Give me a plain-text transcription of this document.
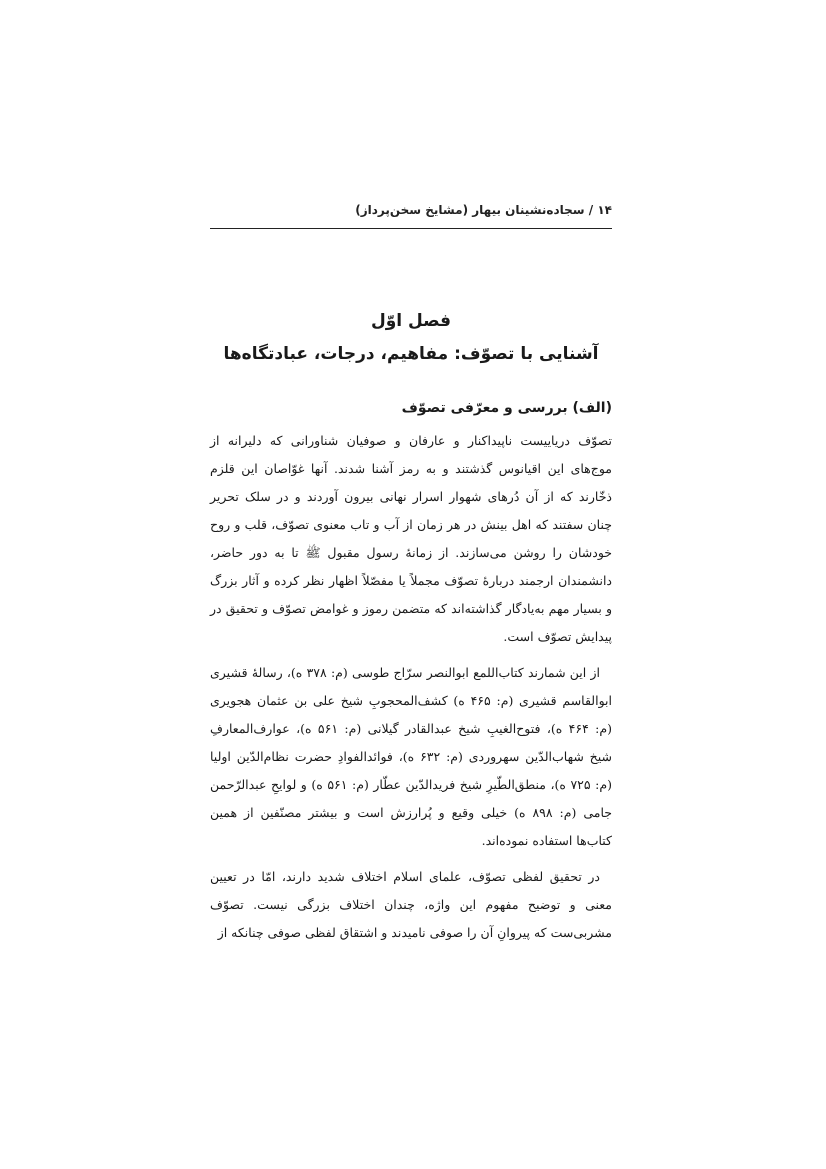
۱۴ / سجاده‌نشینان بیهار (مشایخ سخن‌پرداز)
فصل اوّل
آشنایی با تصوّف: مفاهیم، درجات، عبادتگاه‌ها
(الف) بررسی و معرّفی تصوّف

تصوّف دریاییست ناپیداکنار و عارفان و صوفیان شناورانی که دلیرانه از موج‌های این اقیانوس گذشتند و به رمز آشنا شدند. آنها غوّاصان این قلزم ذخّارند که از آن دُرهای شهوار اسرار نهانی بیرون آوردند و در سلک تحریر چنان سفتند که اهل بینش در هر زمان از آب و تاب معنوی تصوّف، قلب و روح خودشان را روشن می‌سازند. از زمانهٔ رسول مقبول ﷺ تا به دور حاضر، دانشمندان ارجمند دربارهٔ تصوّف مجملاً یا مفصّلاً اظهار نظر کرده و آثار بزرگ و بسیار مهم به‌یادگار گذاشته‌اند که متضمن رموز و غوامض تصوّف و تحقیق در پیدایش تصوّف است.

از این شمارند کتاب‌اللمع ابوالنصر سرّاج طوسی (م: ۳۷۸ ه)، رسالهٔ قشیری ابوالقاسم قشیری (م: ۴۶۵ ه) کشف‌المحجوبِ شیخ علی بن عثمان هجویری (م: ۴۶۴ ه)، فتوح‌الغیبِ شیخ عبدالقادر گیلانی (م: ۵۶۱ ه)، عوارف‌المعارفِ شیخ شهاب‌الدّین سهروردی (م: ۶۳۲ ه)، فوائدالفوادِ حضرت نظام‌الدّین اولیا (م: ۷۲۵ ه)، منطق‌الطّیرِ شیخ فریدالدّین عطّار (م: ۵۶۱ ه) و لوایحِ عبدالرّحمن جامی (م: ۸۹۸ ه) خیلی وقیع و پُرارزش است و بیشتر مصنّفین از همین کتاب‌ها استفاده نموده‌اند.

در تحقیق لفظی تصوّف، علمای اسلام اختلاف شدید دارند، امّا در تعیین معنی و توضیح مفهوم این واژه، چندان اختلاف بزرگی نیست. تصوّف مشربی‌ست که پیروانِ آن را صوفی نامیدند و اشتقاق لفظی صوفی چنانکه از
